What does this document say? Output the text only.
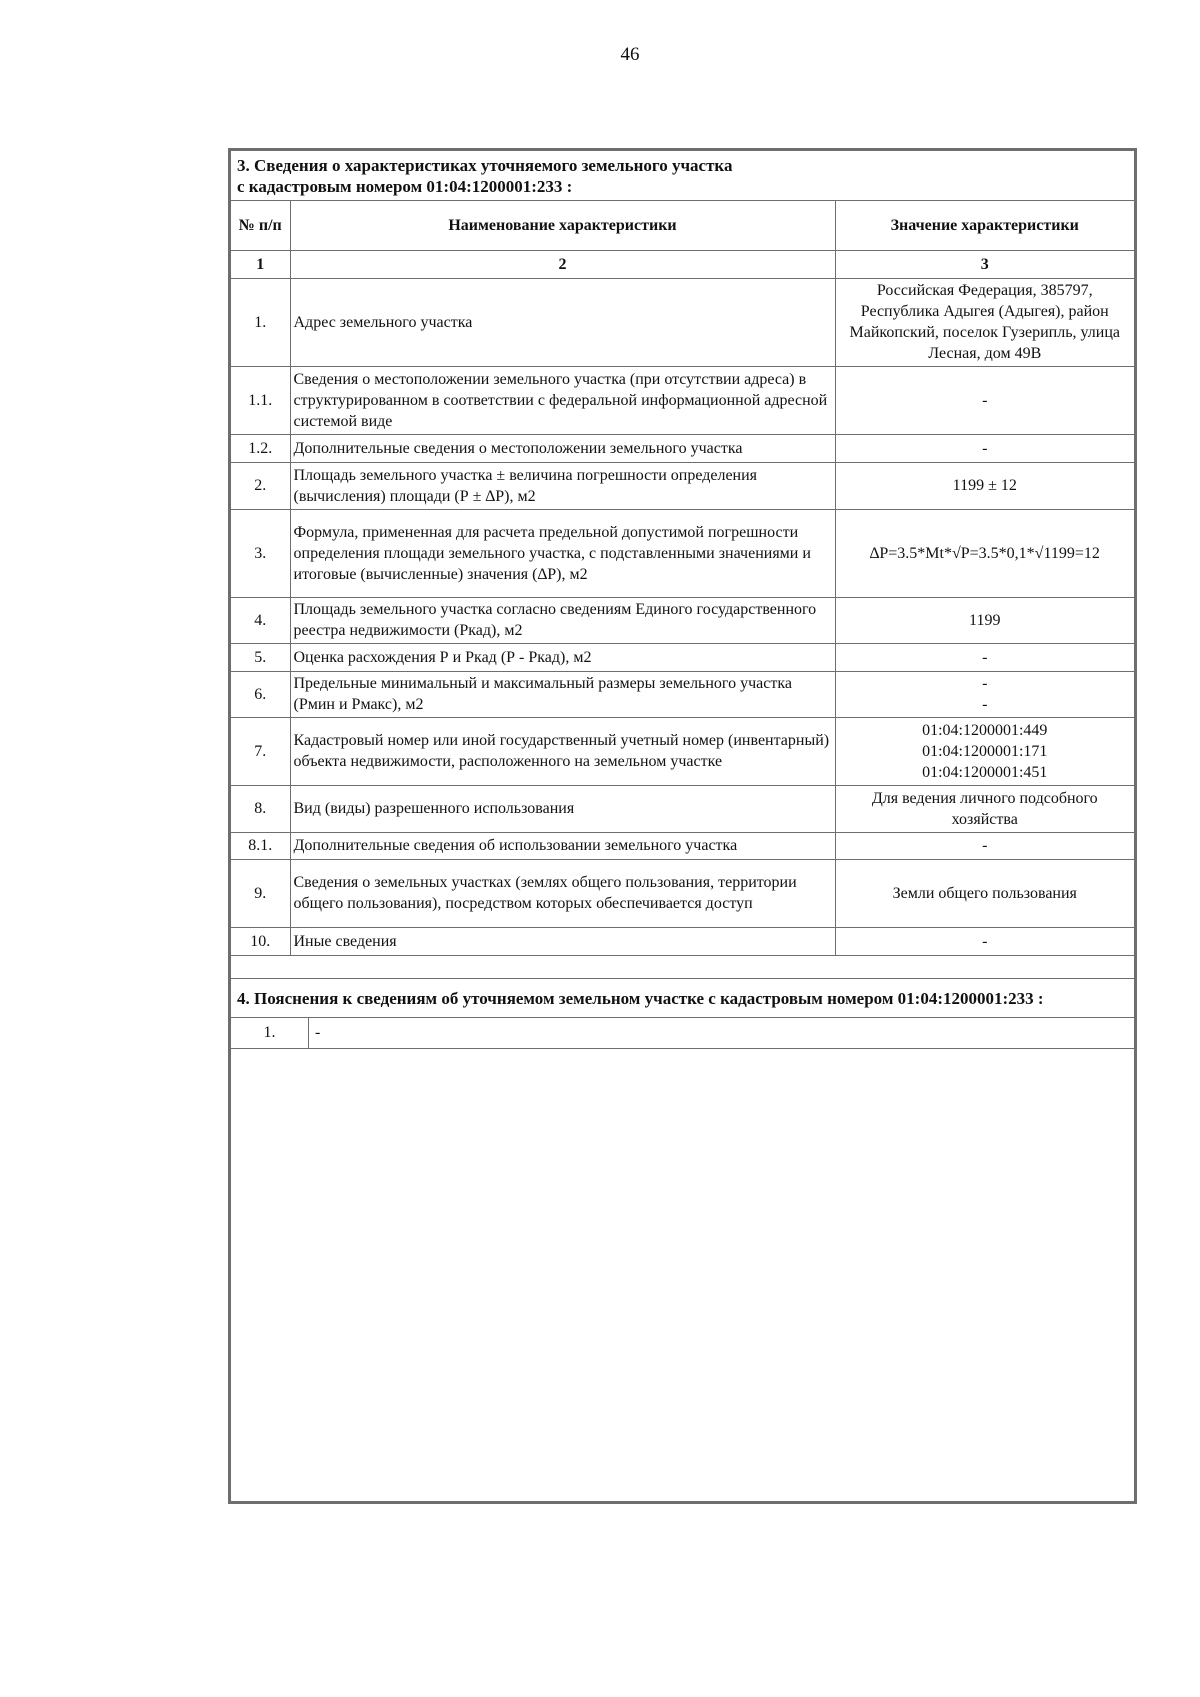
46
3. Сведения о характеристиках уточняемого земельного участка
с кадастровым номером 01:04:1200001:233 :
№ п/п	Наименование характеристики	Значение характеристики
1	2	3
1.	Адрес земельного участка	Российская Федерация, 385797, Республика Адыгея (Адыгея), район Майкопский, поселок Гузерипль, улица Лесная, дом 49В
1.1.	Сведения о местоположении земельного участка (при отсутствии адреса) в структурированном в соответствии с федеральной информационной адресной системой виде	-
1.2.	Дополнительные сведения о местоположении земельного участка	-
2.	Площадь земельного участка ± величина погрешности определения (вычисления) площади (Р ± ∆Р), м2	1199 ± 12
3.	Формула, примененная для расчета предельной допустимой погрешности определения площади земельного участка, с подставленными значениями и итоговые (вычисленные) значения (∆Р), м2	∆Р=3.5*Mt*√Р=3.5*0,1*√1199=12
4.	Площадь земельного участка согласно сведениям Единого государственного реестра недвижимости (Ркад), м2	1199
5.	Оценка расхождения Р и Ркад (Р - Ркад), м2	-
6.	Предельные минимальный и максимальный размеры земельного участка (Рмин и Рмакс), м2	-
-

7.	Кадастровый номер или иной государственный учетный номер (инвентарный) объекта недвижимости, расположенного на земельном участке	01:04:1200001:449
01:04:1200001:171
01:04:1200001:451

8.	Вид (виды) разрешенного использования	Для ведения личного подсобного хозяйства
8.1.	Дополнительные сведения об использовании земельного участка	-
9.	Сведения о земельных участках (землях общего пользования, территории общего пользования), посредством которых обеспечивается доступ	Земли общего пользования
10.	Иные сведения	-
4. Пояснения к сведениям об уточняемом земельном участке с кадастровым номером 01:04:1200001:233 :
1.	-
